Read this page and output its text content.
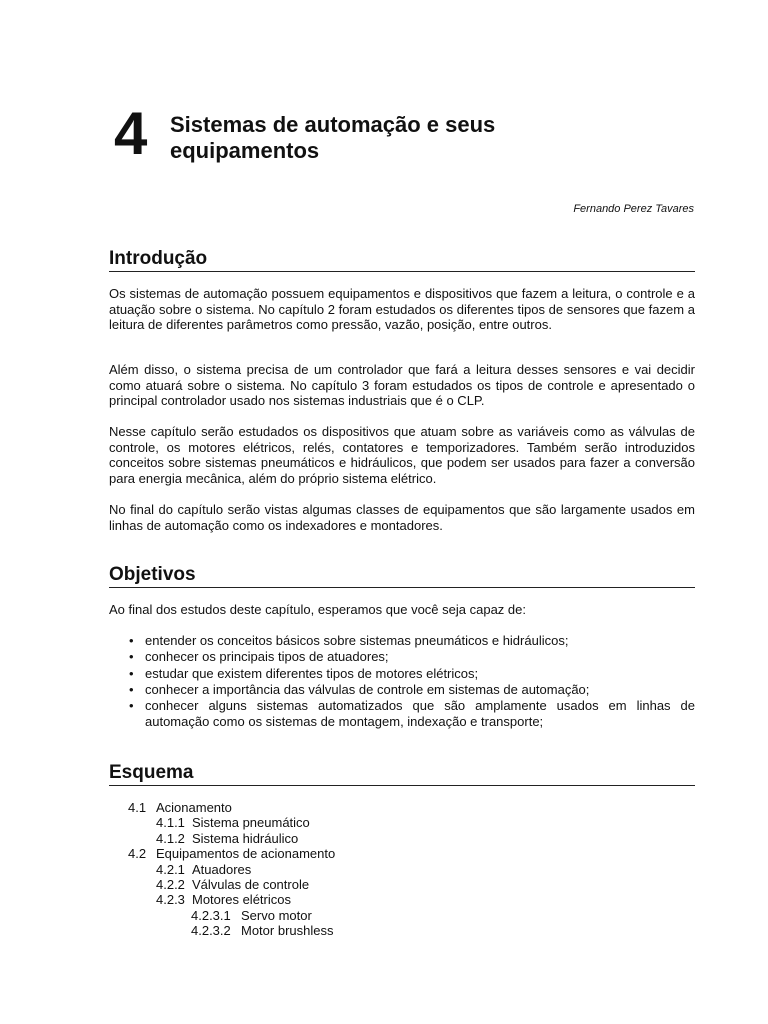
4 Sistemas de automação e seus
equipamentos
Fernando Perez Tavares
Introdução

Os sistemas de automação possuem equipamentos e dispositivos que fazem a leitura, o controle e a atuação sobre o sistema. No capítulo 2 foram estudados os diferentes tipos de sensores que fazem a leitura de diferentes parâmetros como pressão, vazão, posição, entre outros.

Além disso, o sistema precisa de um controlador que fará a leitura desses sensores e vai decidir como atuará sobre o sistema. No capítulo 3 foram estudados os tipos de controle e apresentado o principal controlador usado nos sistemas industriais que é o CLP.

Nesse capítulo serão estudados os dispositivos que atuam sobre as variáveis como as válvulas de controle, os motores elétricos, relés, contatores e temporizadores. Também serão introduzidos conceitos sobre sistemas pneumáticos e hidráulicos, que podem ser usados para fazer a conversão para energia mecânica, além do próprio sistema elétrico.

No final do capítulo serão vistas algumas classes de equipamentos que são largamente usados em linhas de automação como os indexadores e montadores.

Objetivos

Ao final dos estudos deste capítulo, esperamos que você seja capaz de:

• entender os conceitos básicos sobre sistemas pneumáticos e hidráulicos;
• conhecer os principais tipos de atuadores;
• estudar que existem diferentes tipos de motores elétricos;
• conhecer a importância das válvulas de controle em sistemas de automação;
• conhecer alguns sistemas automatizados que são amplamente usados em linhas de automação como os sistemas de montagem, indexação e transporte;
Esquema
4.1 Acionamento
4.1.1 Sistema pneumático
4.1.2 Sistema hidráulico
4.2 Equipamentos de acionamento
4.2.1 Atuadores
4.2.2 Válvulas de controle
4.2.3 Motores elétricos
4.2.3.1 Servo motor
4.2.3.2 Motor brushless
